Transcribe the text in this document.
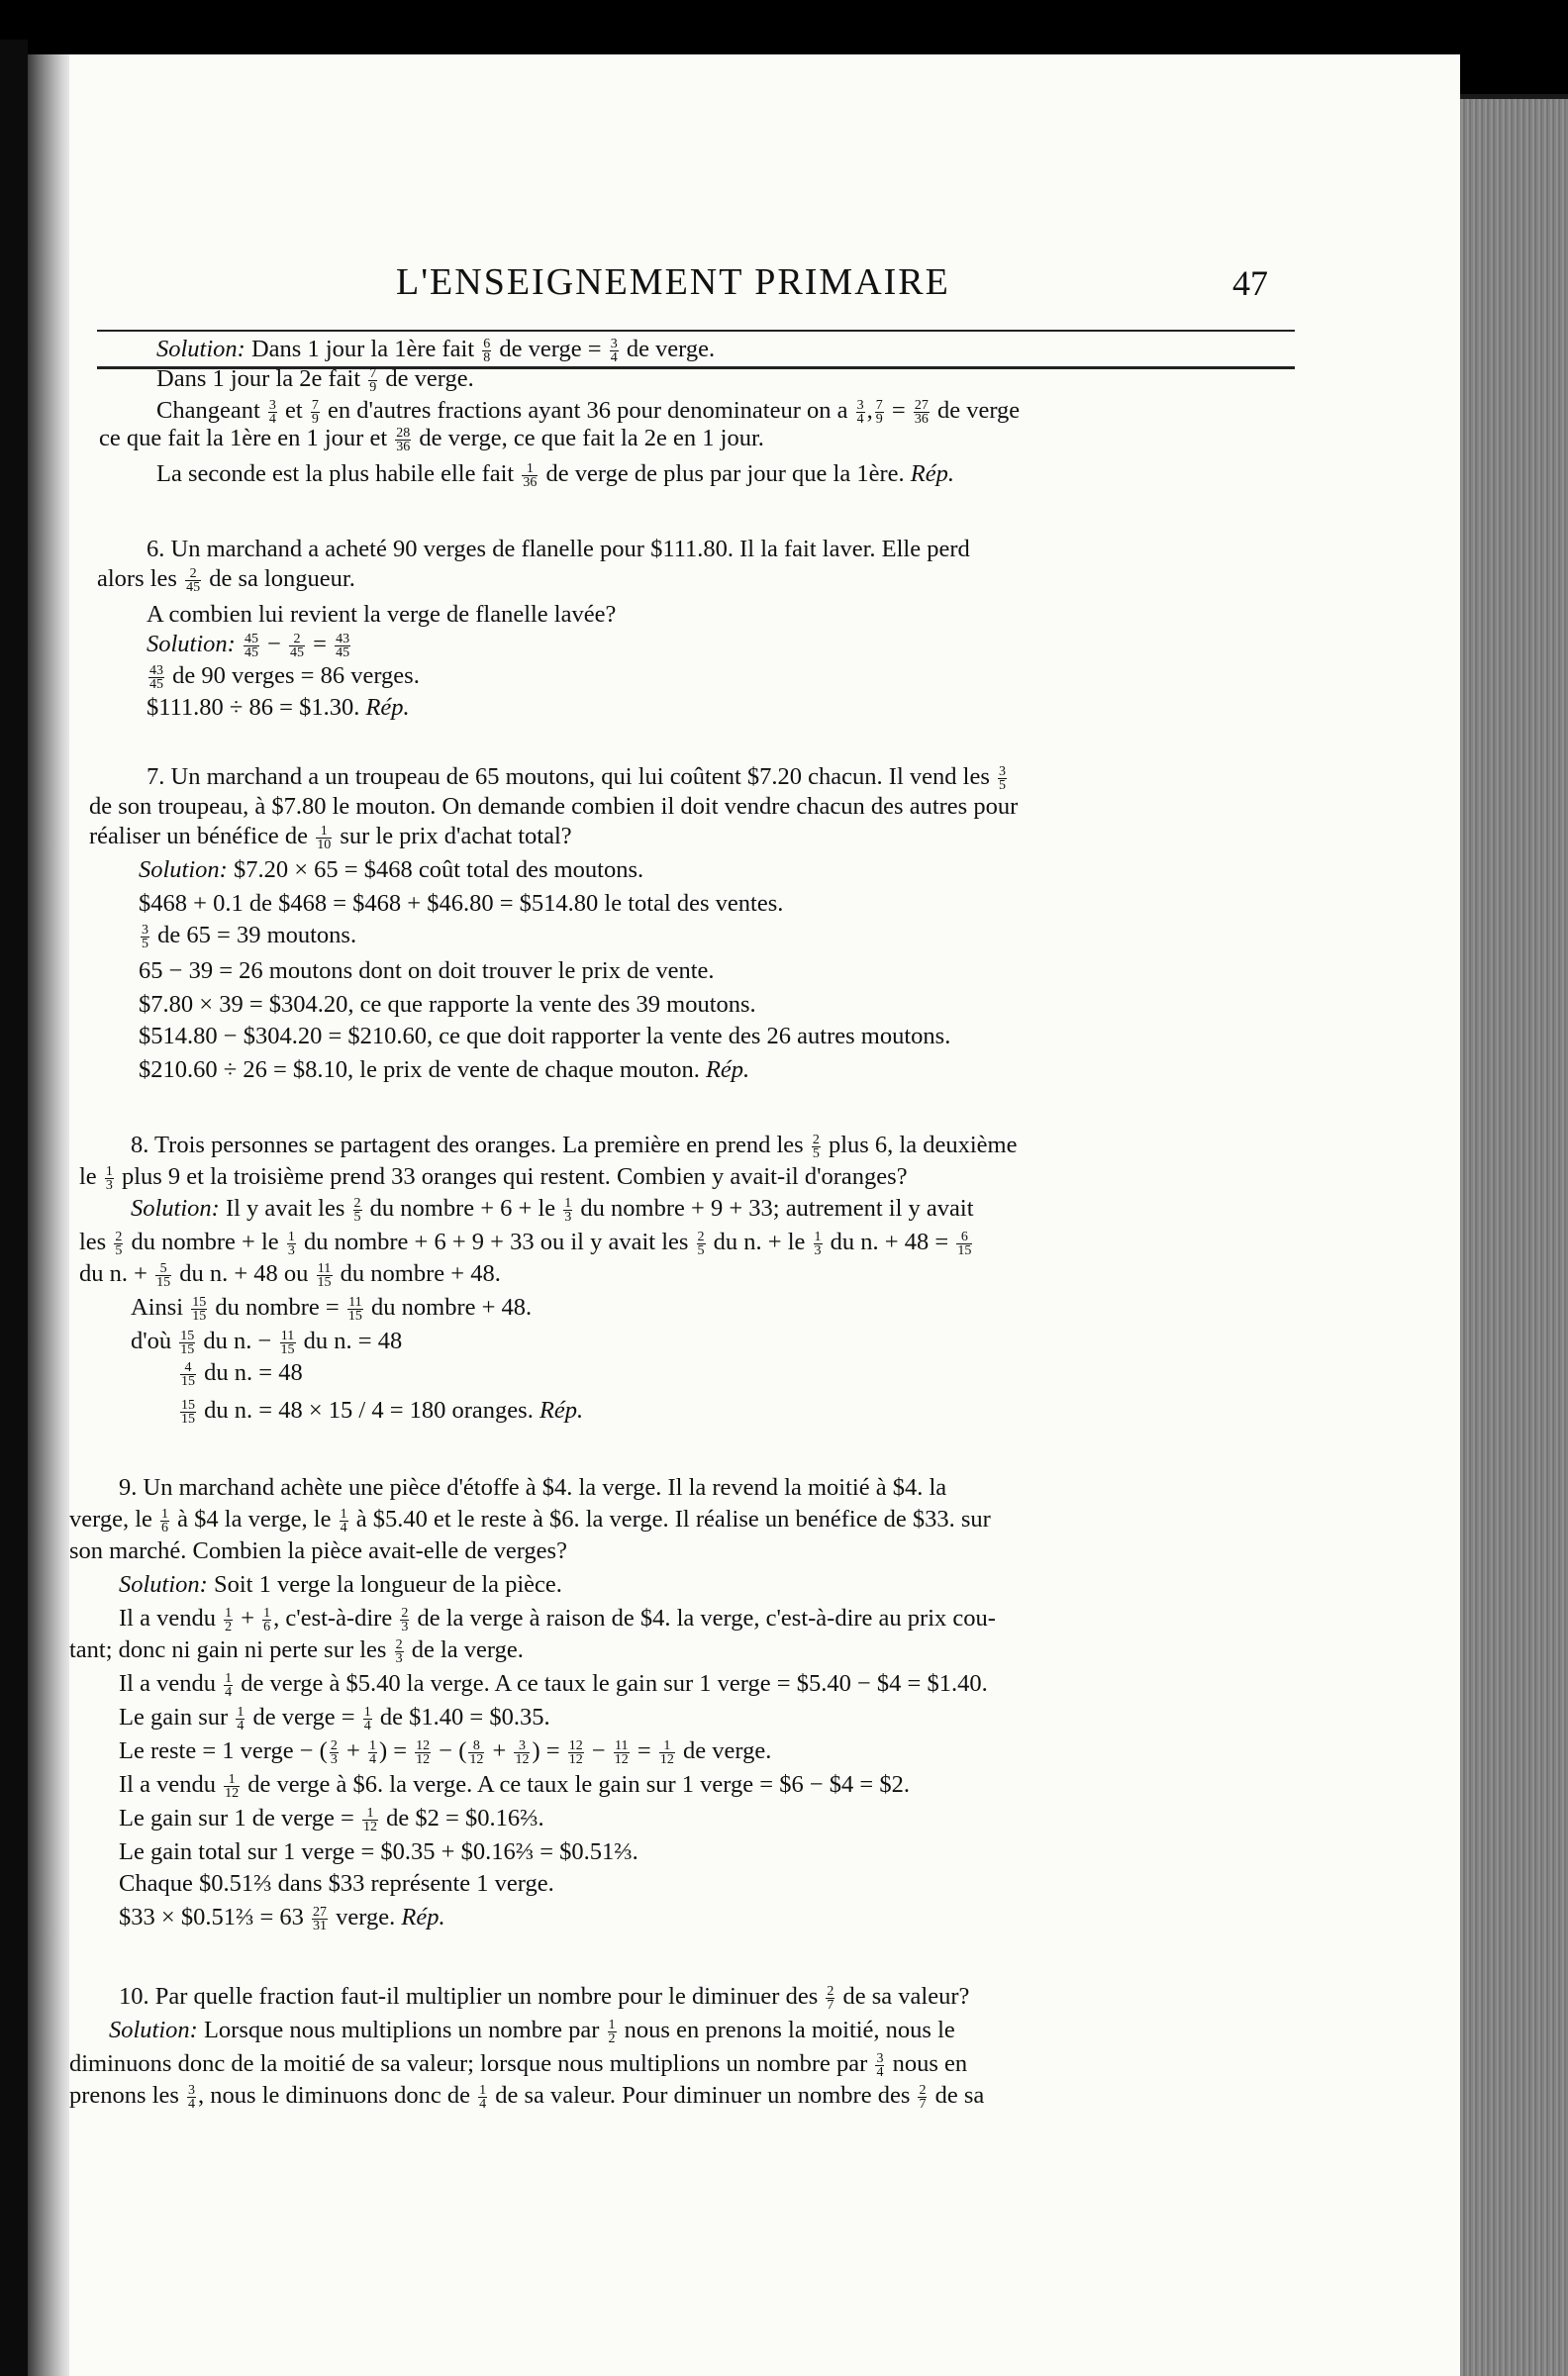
L'ENSEIGNEMENT PRIMAIRE	47
Solution: Dans 1 jour la 1ère fait $\frac{6}{8}$ de verge = $\frac{3}{4}$ de verge.
Dans 1 jour la 2e fait $\frac{7}{9}$ de verge.
Changeant $\frac{3}{4}$ et $\frac{7}{9}$ en d'autres fractions ayant 36 pour denominateur on a $\frac{3}{4}$ , $\frac{7}{9} = \frac{27}{36}$ de verge
ce que fait la 1ère en 1 jour et $\frac{28}{36}$ de verge, ce que fait la 2e en 1 jour.
La seconde est la plus habile elle fait $\frac{1}{36}$ de verge de plus par jour que la 1ère. Rép.
6. Un marchand a acheté 90 verges de flanelle pour $111.80. Il la fait laver. Elle perd
alors les $\frac{2}{45}$ de sa longueur.
A combien lui revient la verge de flanelle lavée?
Solution: $\frac{45}{45} - \frac{2}{45} = \frac{43}{45}$
$\frac{43}{45}$ de 90 verges = 86 verges.
$111.80 ÷ 86 = $1.30. Rép.
7. Un marchand a un troupeau de 65 moutons, qui lui coûtent $7.20 chacun. Il vend les $\frac{3}{5}$
de son troupeau, à $7.80 le mouton. On demande combien il doit vendre chacun des autres pour
réaliser un bénéfice de $\frac{1}{10}$ sur le prix d'achat total?
Solution: $7.20 × 65 = $468 coût total des moutons.
$468 + 0.1 de $468 = $468 + $46.80 = $514.80 le total des ventes.
$\frac{3}{5}$ de 65 = 39 moutons.
65 − 39 = 26 moutons dont on doit trouver le prix de vente.
$7.80 × 39 = $304.20, ce que rapporte la vente des 39 moutons.
$514.80 − $304.20 = $210.60, ce que doit rapporter la vente des 26 autres moutons.
$210.60 ÷ 26 = $8.10, le prix de vente de chaque mouton. Rép.
8. Trois personnes se partagent des oranges. La première en prend les $\frac{2}{5}$ plus 6, la deuxième
le $\frac{1}{3}$ plus 9 et la troisième prend 33 oranges qui restent. Combien y avait-il d'oranges?
Solution: Il y avait les $\frac{2}{5}$ du nombre + 6 + le $\frac{1}{3}$ du nombre + 9 + 33; autrement il y avait
les $\frac{2}{5}$ du nombre + le $\frac{1}{3}$ du nombre + 6 + 9 + 33 ou il y avait les $\frac{2}{5}$ du n. + le $\frac{1}{3}$ du n. + $48 = \frac{6}{15}$
du n. + $\frac{5}{15}$ du n. + 48 ou $\frac{11}{15}$ du nombre + 48.
Ainsi $\frac{15}{15}$ du nombre = $\frac{11}{15}$ du nombre + 48.
d'où $\frac{15}{15}$ du n. − $\frac{11}{15}$ du n. = 48
$\frac{4}{15}$ du n. = 48
$\frac{15}{15}$ du n. = 48 × 15 / 4 = 180 oranges. Rép.
9. Un marchand achète une pièce d'étoffe à $4. la verge. Il la revend la moitié à $4. la
verge, le $\frac{1}{6}$ à $4 la verge, le $\frac{1}{4}$ à $5.40 et le reste à $6. la verge. Il réalise un benéfice de $33. sur
son marché. Combien la pièce avait-elle de verges?
Solution: Soit 1 verge la longueur de la pièce.
Il a vendu $\frac{1}{2} + \frac{1}{6}$ , c'est-à-dire $\frac{2}{3}$ de la verge à raison de $4. la verge, c'est-à-dire au prix cou-
tant; donc ni gain ni perte sur les $\frac{2}{3}$ de la verge.
Il a vendu $\frac{1}{4}$ de verge à $5.40 la verge. A ce taux le gain sur 1 verge = $5.40 − $4 = $1.40.
Le gain sur $\frac{1}{4}$ de verge = $\frac{1}{4}$ de $1.40 = $0.35.
Le reste = 1 verge − ( $\frac{2}{3} + \frac{1}{4}$ ) = $\frac{12}{12}$ − ( $\frac{8}{12} + \frac{3}{12}$ ) = $\frac{12}{12} - \frac{11}{12} = \frac{1}{12}$ de verge.
Il a vendu $\frac{1}{12}$ de verge à $6. la verge. A ce taux le gain sur 1 verge = $6 − $4 = $2.
Le gain sur 1 de verge = $\frac{1}{12}$ de $2 = $0.16⅔.
Le gain total sur 1 verge = $0.35 + $0.16⅔ = $0.51⅔.
Chaque $0.51⅔ dans $33 représente 1 verge.
$33 × $0.51⅔ = $63 \frac{27}{31}$ verge. Rép.
10. Par quelle fraction faut-il multiplier un nombre pour le diminuer des $\frac{2}{7}$ de sa valeur?
Solution: Lorsque nous multiplions un nombre par $\frac{1}{2}$ nous en prenons la moitié, nous le
diminuons donc de la moitié de sa valeur; lorsque nous multiplions un nombre par $\frac{3}{4}$ nous en
prenons les $\frac{3}{4}$ , nous le diminuons donc de $\frac{1}{4}$ de sa valeur. Pour diminuer un nombre des $\frac{2}{7}$ de sa
